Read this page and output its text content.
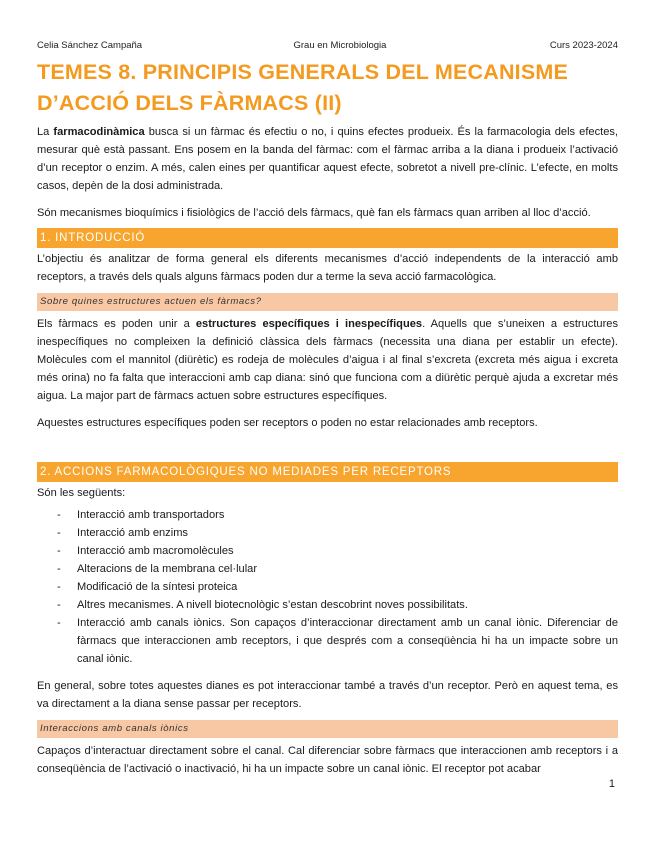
Celia Sánchez Campaña	Grau en Microbiologia	Curs 2023-2024
TEMES 8. PRINCIPIS GENERALS DEL MECANISME D’ACCIÓ DELS FÀRMACS (II)

La farmacodinàmica busca si un fàrmac és efectiu o no, i quins efectes produeix. És la farmacologia dels efectes, mesurar què està passant. Ens posem en la banda del fàrmac: com el fàrmac arriba a la diana i produeix l’activació d’un receptor o enzim. A més, calen eines per quantificar aquest efecte, sobretot a nivell pre-clínic. L’efecte, en molts casos, depèn de la dosi administrada.

Són mecanismes bioquímics i fisiològics de l’acció dels fàrmacs, què fan els fàrmacs quan arriben al lloc d’acció.

1. INTRODUCCIÓ

L’objectiu és analitzar de forma general els diferents mecanismes d’acció independents de la interacció amb receptors, a través dels quals alguns fàrmacs poden dur a terme la seva acció farmacològica.

Sobre quines estructures actuen els fàrmacs?

Els fàrmacs es poden unir a estructures específiques i inespecífiques. Aquells que s’uneixen a estructures inespecífiques no compleixen la definició clàssica dels fàrmacs (necessita una diana per establir un efecte). Molècules com el mannitol (diürètic) es rodeja de molècules d’aigua i al final s’excreta (excreta més aigua i excreta més orina) no fa falta que interaccioni amb cap diana: sinó que funciona com a diürètic perquè ajuda a excretar més aigua. La major part de fàrmacs actuen sobre estructures específiques.

Aquestes estructures específiques poden ser receptors o poden no estar relacionades amb receptors.

2. ACCIONS FARMACOLÒGIQUES NO MEDIADES PER RECEPTORS

Són les següents:

- Interacció amb transportadors
- Interacció amb enzims
- Interacció amb macromolècules
- Alteracions de la membrana cel·lular
- Modificació de la síntesi proteica
- Altres mecanismes. A nivell biotecnològic s’estan descobrint noves possibilitats.
- Interacció amb canals iònics. Son capaços d’interaccionar directament amb un canal iònic. Diferenciar de fàrmacs que interaccionen amb receptors, i que després com a conseqüència hi ha un impacte sobre un canal iònic.

En general, sobre totes aquestes dianes es pot interaccionar també a través d’un receptor. Però en aquest tema, es va directament a la diana sense passar per receptors.

Interaccions amb canals iònics

Capaços d’interactuar directament sobre el canal. Cal diferenciar sobre fàrmacs que interaccionen amb receptors i a conseqüència de l’activació o inactivació, hi ha un impacte sobre un canal iònic. El receptor pot acabar

1
